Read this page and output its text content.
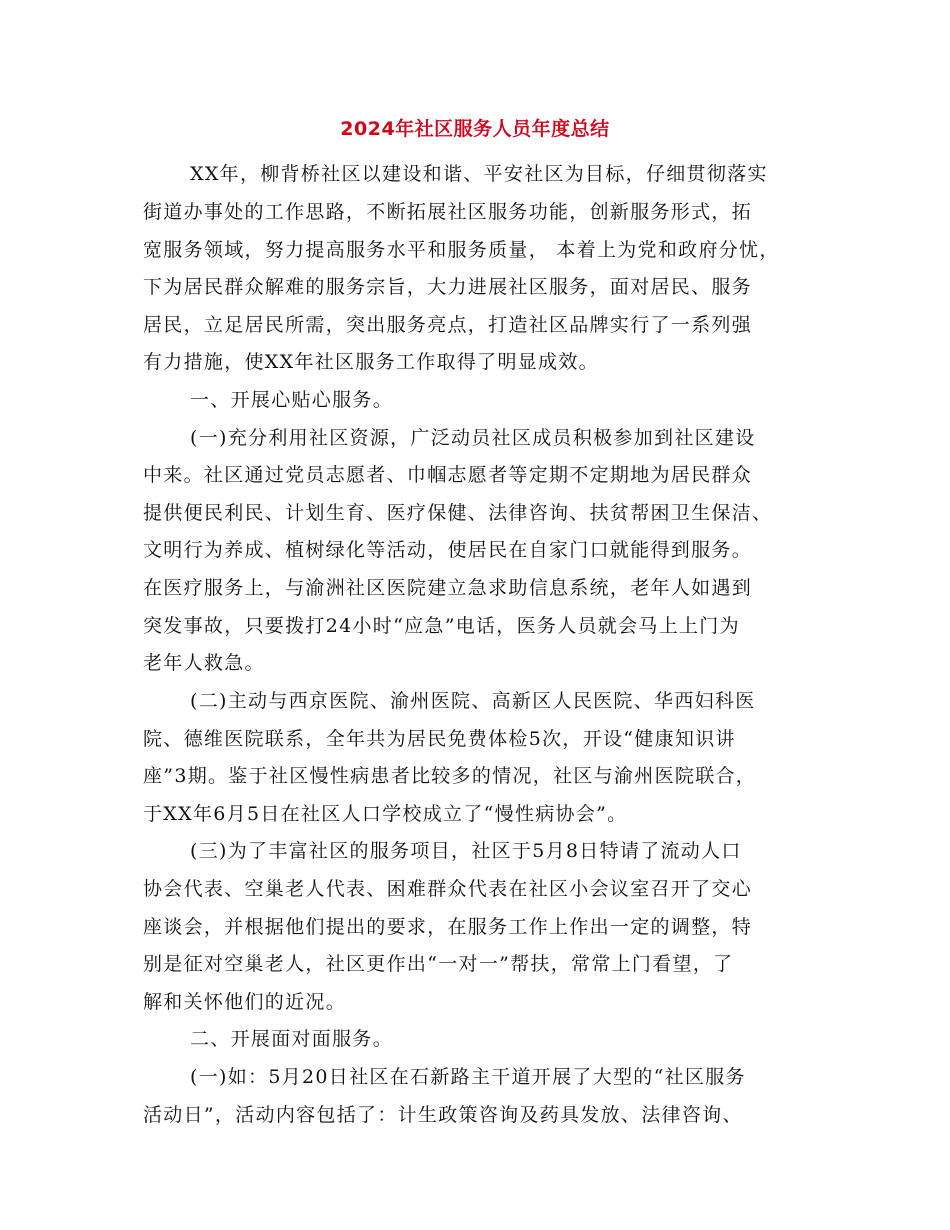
2024年社区服务人员年度总结
XX年，柳背桥社区以建设和谐、平安社区为目标，仔细贯彻落实
街道办事处的工作思路，不断拓展社区服务功能，创新服务形式，拓
宽服务领域，努力提高服务水平和服务质量， 本着上为党和政府分忧，
下为居民群众解难的服务宗旨，大力进展社区服务，面对居民、服务
居民，立足居民所需，突出服务亮点，打造社区品牌实行了一系列强
有力措施，使XX年社区服务工作取得了明显成效。
一、开展心贴心服务。
(一)充分利用社区资源，广泛动员社区成员积极参加到社区建设
中来。社区通过党员志愿者、巾帼志愿者等定期不定期地为居民群众
提供便民利民、计划生育、医疗保健、法律咨询、扶贫帮困卫生保洁、
文明行为养成、植树绿化等活动，使居民在自家门口就能得到服务。
在医疗服务上，与渝洲社区医院建立急求助信息系统，老年人如遇到
突发事故，只要拨打24小时“应急”电话，医务人员就会马上上门为
老年人救急。
(二)主动与西京医院、渝州医院、高新区人民医院、华西妇科医
院、德维医院联系，全年共为居民免费体检5次，开设“健康知识讲
座”3期。鉴于社区慢性病患者比较多的情况，社区与渝州医院联合，
于XX年6月5日在社区人口学校成立了“慢性病协会”。
(三)为了丰富社区的服务项目，社区于5月8日特请了流动人口
协会代表、空巢老人代表、困难群众代表在社区小会议室召开了交心
座谈会，并根据他们提出的要求，在服务工作上作出一定的调整，特
别是征对空巢老人，社区更作出“一对一”帮扶，常常上门看望，了
解和关怀他们的近况。
二、开展面对面服务。
(一)如：5月20日社区在石新路主干道开展了大型的“社区服务
活动日”，活动内容包括了：计生政策咨询及药具发放、法律咨询、
